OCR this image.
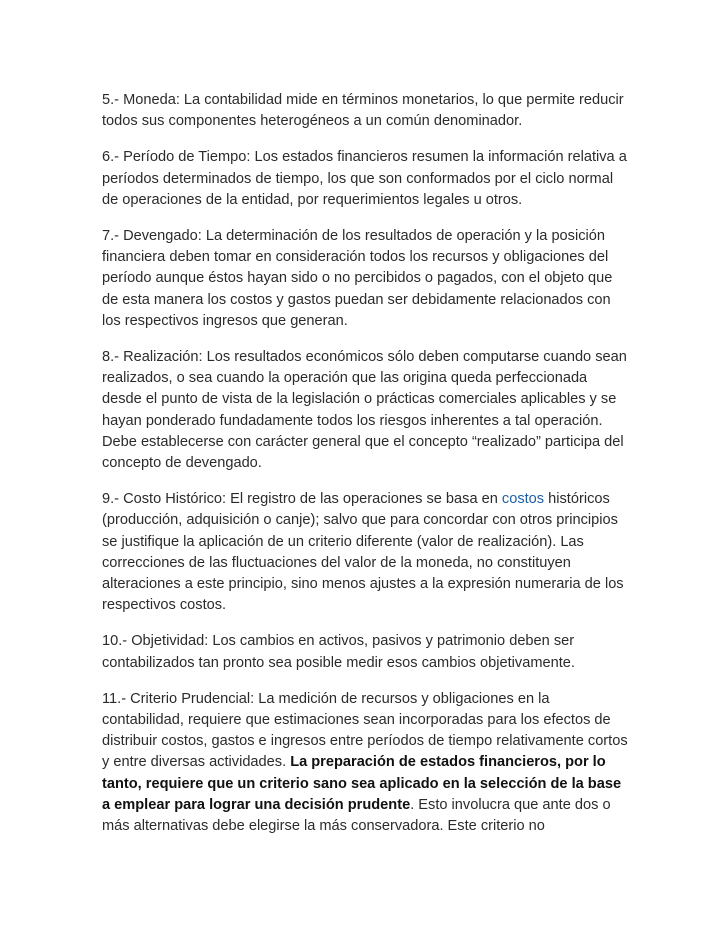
5.- Moneda: La contabilidad mide en términos monetarios, lo que permite reducir todos sus componentes heterogéneos a un común denominador.

6.- Período de Tiempo: Los estados financieros resumen la información relativa a períodos determinados de tiempo, los que son conformados por el ciclo normal de operaciones de la entidad, por requerimientos legales u otros.

7.- Devengado: La determinación de los resultados de operación y la posición financiera deben tomar en consideración todos los recursos y obligaciones del período aunque éstos hayan sido o no percibidos o pagados, con el objeto que de esta manera los costos y gastos puedan ser debidamente relacionados con los respectivos ingresos que generan.

8.- Realización: Los resultados económicos sólo deben computarse cuando sean realizados, o sea cuando la operación que las origina queda perfeccionada desde el punto de vista de la legislación o prácticas comerciales aplicables y se hayan ponderado fundadamente todos los riesgos inherentes a tal operación. Debe establecerse con carácter general que el concepto “realizado” participa del concepto de devengado.

9.- Costo Histórico: El registro de las operaciones se basa en costos históricos (producción, adquisición o canje); salvo que para concordar con otros principios se justifique la aplicación de un criterio diferente (valor de realización). Las correcciones de las fluctuaciones del valor de la moneda, no constituyen alteraciones a este principio, sino menos ajustes a la expresión numeraria de los respectivos costos.

10.- Objetividad: Los cambios en activos, pasivos y patrimonio deben ser contabilizados tan pronto sea posible medir esos cambios objetivamente.

11.- Criterio Prudencial: La medición de recursos y obligaciones en la contabilidad, requiere que estimaciones sean incorporadas para los efectos de distribuir costos, gastos e ingresos entre períodos de tiempo relativamente cortos y entre diversas actividades. La preparación de estados financieros, por lo tanto, requiere que un criterio sano sea aplicado en la selección de la base a emplear para lograr una decisión prudente. Esto involucra que ante dos o más alternativas debe elegirse la más conservadora. Este criterio no
